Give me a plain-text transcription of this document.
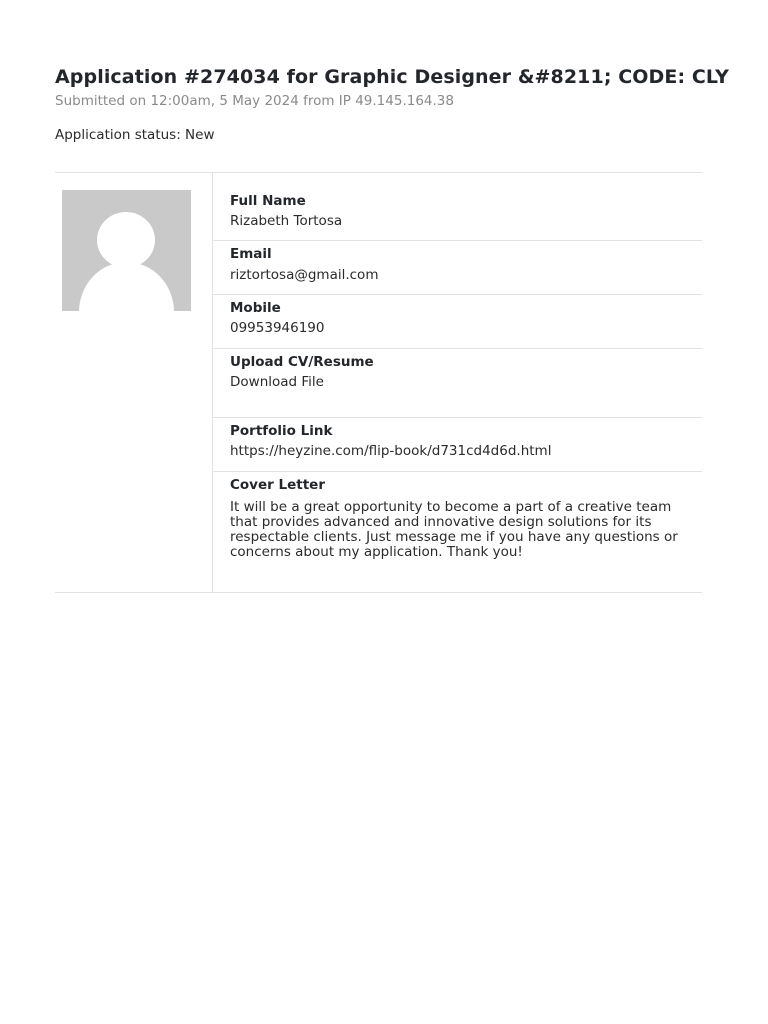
Application #274034 for Graphic Designer &#8211; CODE: CLY
Submitted on 12:00am, 5 May 2024 from IP 49.145.164.38
Application status: New
Full Name
Rizabeth Tortosa
Email
riztortosa@gmail.com
Mobile
09953946190
Upload CV/Resume
Download File
Portfolio Link
https://heyzine.com/flip-book/d731cd4d6d.html
Cover Letter
It will be a great opportunity to become a part of a creative team that provides advanced and innovative design solutions for its respectable clients. Just message me if you have any questions or concerns about my application. Thank you!
